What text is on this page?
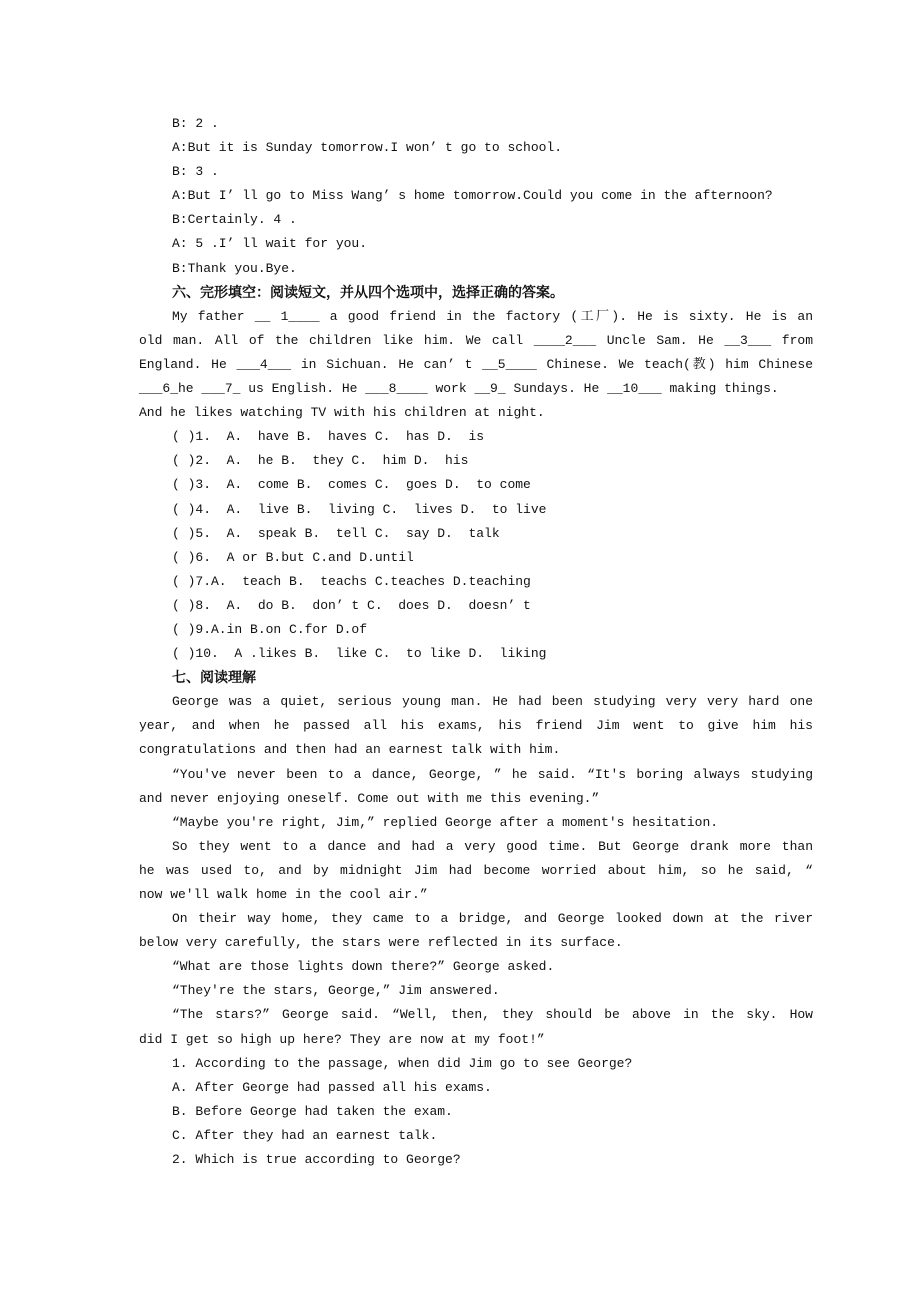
B: 2 .
A:But it is Sunday tomorrow.I won’ t go to school.
B: 3 .
A:But I’ ll go to Miss Wang’ s home tomorrow.Could you come in the afternoon?
B:Certainly. 4 .
A: 5 .I’ ll wait for you.
B:Thank you.Bye.
六、完形填空：阅读短文，并从四个选项中，选择正确的答案。
My father __ 1____ a good friend in the factory (工厂). He is sixty. He is an
old man. All of the children like him. We call ____2___ Uncle Sam. He __3___ from
England. He ___4___ in Sichuan. He can’ t __5____ Chinese. We teach(教) him Chinese
___6_he ___7_ us English. He ___8____ work __9_ Sundays. He __10___ making things.
And he likes watching TV with his children at night.
( )1.  A.  have B.  haves C.  has D.  is
( )2.  A.  he B.  they C.  him D.  his
( )3.  A.  come B.  comes C.  goes D.  to come
( )4.  A.  live B.  living C.  lives D.  to live
( )5.  A.  speak B.  tell C.  say D.  talk
( )6.  A or B.but C.and D.until
( )7.A.  teach B.  teachs C.teaches D.teaching
( )8.  A.  do B.  don’ t C.  does D.  doesn’ t
( )9.A.in B.on C.for D.of
( )10.  A .likes B.  like C.  to like D.  liking
七、阅读理解
George was a quiet, serious young man. He had been studying very very hard one
year, and when he passed all his exams, his friend Jim went to give him his
congratulations and then had an earnest talk with him.
“You've never been to a dance, George, ” he said. “It's boring always studying
and never enjoying oneself. Come out with me this evening.”
“Maybe you're right, Jim,” replied George after a moment's hesitation.
So they went to a dance and had a very good time. But George drank more than
he was used to, and by midnight Jim had become worried about him, so he said, “
now we'll walk home in the cool air.”
On their way home, they came to a bridge, and George looked down at the river
below very carefully, the stars were reflected in its surface.
“What are those lights down there?” George asked.
“They're the stars, George,” Jim answered.
“The stars?” George said. “Well, then, they should be above in the sky. How
did I get so high up here? They are now at my foot!”
1. According to the passage, when did Jim go to see George?
A. After George had passed all his exams.
B. Before George had taken the exam.
C. After they had an earnest talk.
2. Which is true according to George?
